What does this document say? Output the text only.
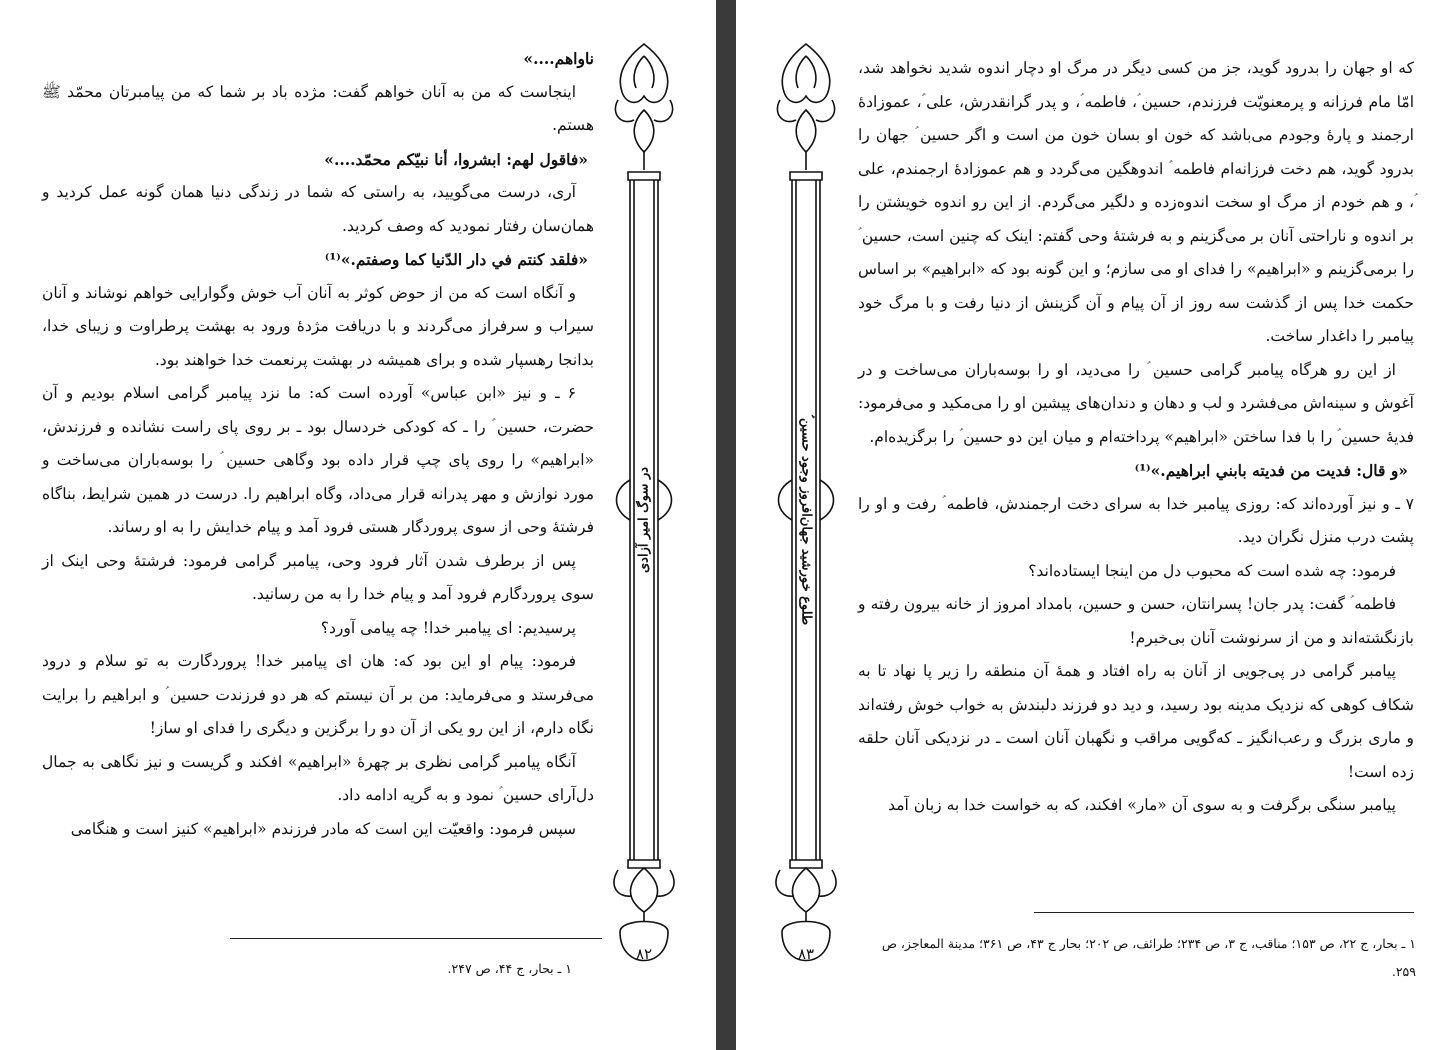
ناواهم....»

اینجاست که من به آنان خواهم گفت: مژده باد بر شما که من پیامبرتان محمّد ﷺ هستم.

«فاقول لهم: ابشروا، أنا نبيّكم محمّد....»

آری، درست می‌گویید، به راستی که شما در زندگی دنیا همان گونه عمل کردید و همان‌سان رفتار نمودید که وصف کردید.

«فلقد كنتم في دار الدّنيا كما وصفتم.»⁽¹⁾

و آنگاه است که من از حوض کوثر به آنان آب خوش وگوارایی خواهم نوشاند و آنان سیراب و سرفراز می‌گردند و با دریافت مژدهٔ ورود به بهشت پرطراوت و زیبای خدا، بدانجا رهسپار شده و برای همیشه در بهشت پرنعمت خدا خواهند بود.

۶ ـ و نیز «ابن عباس» آورده است که: ما نزد پیامبر گرامی اسلام بودیم و آن حضرت، حسین ؑ را ـ که کودکی خردسال بود ـ بر روی پای راست نشانده و فرزندش، «ابراهیم» را روی پای چپ قرار داده بود وگاهی حسین ؑ را بوسه‌باران می‌ساخت و مورد نوازش و مهر پدرانه قرار می‌داد، وگاه ابراهیم را. درست در همین شرایط، بناگاه فرشتهٔ وحی از سوی پروردگار هستی فرود آمد و پیام خدایش را به او رساند.

پس از برطرف شدن آثار فرود وحی، پیامبر گرامی فرمود: فرشتهٔ وحی اینک از سوی پروردگارم فرود آمد و پیام خدا را به من رسانید.

پرسیدیم: ای پیامبر خدا! چه پیامی آورد؟

فرمود: پیام او این بود که: هان ای پیامبر خدا! پروردگارت به تو سلام و درود می‌فرستد و می‌فرماید: من بر آن نیستم که هر دو فرزندت حسین ؑ و ابراهیم را برایت نگاه دارم، از این رو یکی از آن دو را برگزین و دیگری را فدای او ساز!

آنگاه پیامبر گرامی نظری بر چهرهٔ «ابراهیم» افکند و گریست و نیز نگاهی به جمال دل‌آرای حسین ؑ نمود و به گریه ادامه داد.

سپس فرمود: واقعیّت این است که مادر فرزندم «ابراهیم» کنیز است و هنگامی

۱ ـ بحار، ج ۴۴، ص ۲۴۷.
در سوگ امیر آزادی
۸۲
طلوع خورشید جهان‌افروز وجود حسین ؑ
۸۳

که او جهان را بدرود گوید، جز من کسی دیگر در مرگ او دچار اندوه شدید نخواهد شد، امّا مام فرزانه و پرمعنویّت فرزندم، حسین ؑ، فاطمه ؑ، و پدر گرانقدرش، علی ؑ، عموزادهٔ ارجمند و پارهٔ وجودم می‌باشد که خون او بسان خون من است و اگر حسین ؑ جهان را بدرود گوید، هم دخت فرزانه‌ام فاطمه ؑ اندوهگین می‌گردد و هم عموزادهٔ ارجمندم، علی ؑ، و هم خودم از مرگ او سخت اندوه‌زده و دلگیر می‌گردم. از این رو اندوه خویشتن را بر اندوه و ناراحتی آنان بر می‌گزینم و به فرشتهٔ وحی گفتم: اینک که چنین است، حسین ؑ را برمی‌گزینم و «ابراهیم» را فدای او می سازم؛ و این گونه بود که «ابراهیم» بر اساس حکمت خدا پس از گذشت سه روز از آن پیام و آن گزینش از دنیا رفت و با مرگ خود پیامبر را داغدار ساخت.

از این رو هرگاه پیامبر گرامی حسین ؑ را می‌دید، او را بوسه‌باران می‌ساخت و در آغوش و سینه‌اش می‌فشرد و لب و دهان و دندان‌های پیشین او را می‌مکید و می‌فرمود: فدیهٔ حسین ؑ را با فدا ساختن «ابراهیم» پرداخته‌ام و میان این دو حسین ؑ را برگزیده‌ام.

«و قال: فديت من فديته بابني ابراهيم.»⁽¹⁾

۷ ـ و نیز آورده‌اند که: روزی پیامبر خدا به سرای دخت ارجمندش، فاطمه ؑ رفت و او را پشت درب منزل نگران دید.

فرمود: چه شده است که محبوب دل من اینجا ایستاده‌اند؟

فاطمه ؑ گفت: پدر جان! پسرانتان، حسن و حسین، بامداد امروز از خانه بیرون رفته و بازنگشته‌اند و من از سرنوشت آنان بی‌خبرم!

پیامبر گرامی در پی‌جویی از آنان به راه افتاد و همهٔ آن منطقه را زیر پا نهاد تا به شکاف کوهی که نزدیک مدینه بود رسید، و دید دو فرزند دلبندش به خواب خوش رفته‌اند و ماری بزرگ و رعب‌انگیز ـ که‌گویی مراقب و نگهبان آنان است ـ در نزدیکی آنان حلقه زده است!

پیامبر سنگی برگرفت و به سوی آن «مار» افکند، که به خواست خدا به زبان آمد

۱ ـ بحار، ج ۲۲، ص ۱۵۳؛ مناقب، ج ۳، ص ۲۳۴؛ طرائف، ص ۲۰۲؛ بحار ج ۴۳، ص ۳۶۱؛ مدینة المعاجز، ص ۲۵۹.
